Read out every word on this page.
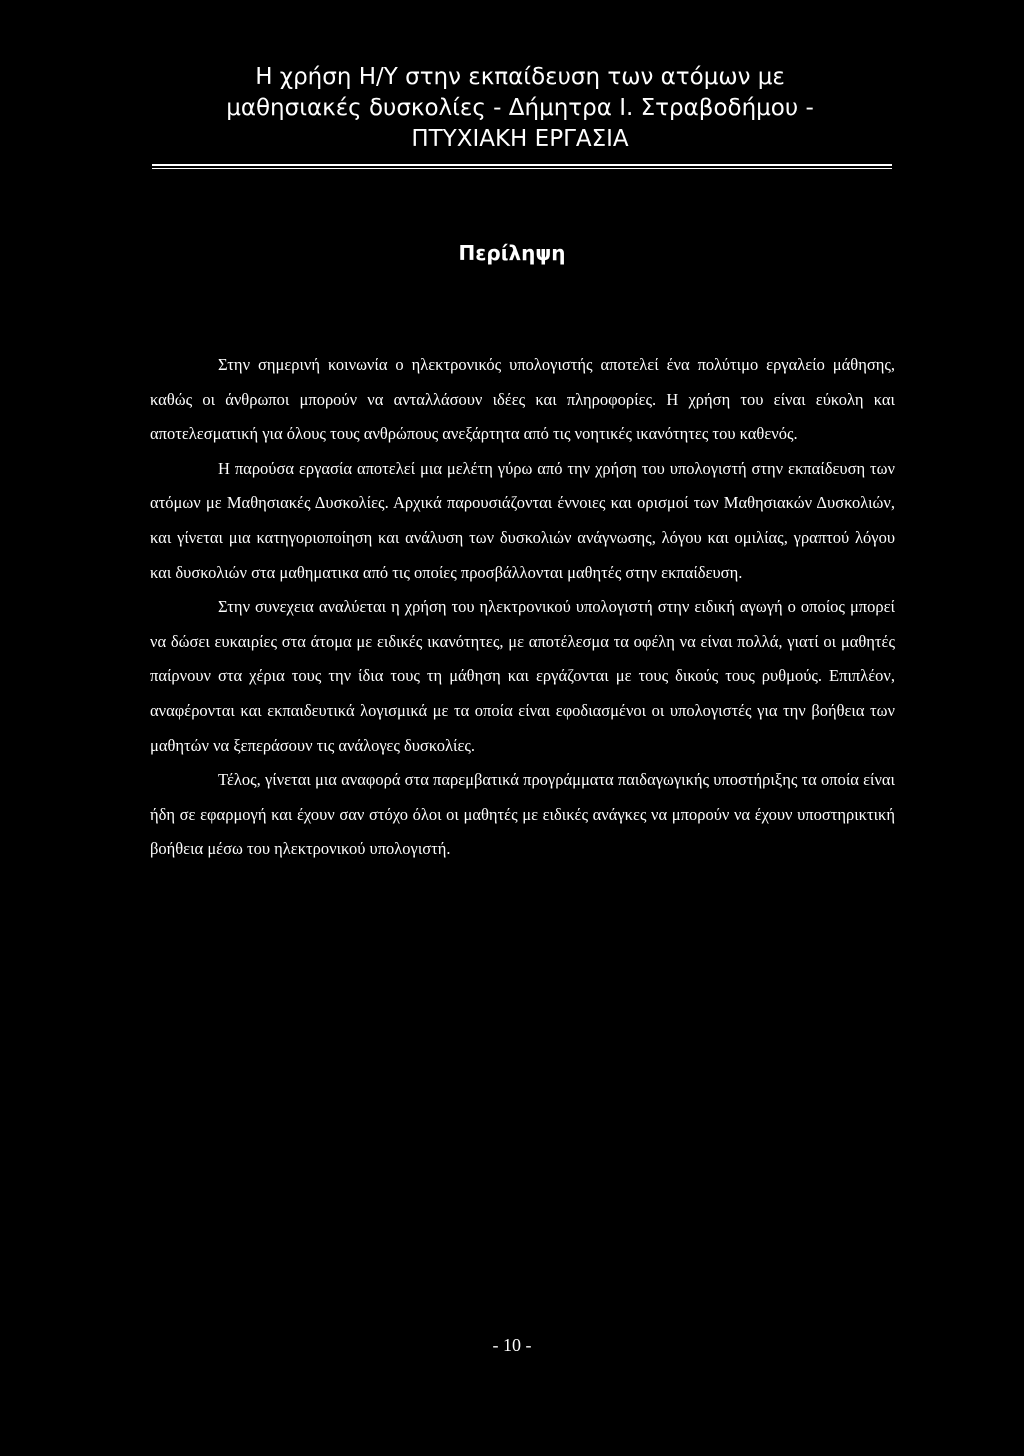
Η χρήση Η/Υ στην εκπαίδευση των ατόμων με
μαθησιακές δυσκολίες - Δήμητρα Ι. Στραβοδήμου -
ΠΤΥΧΙΑΚΗ ΕΡΓΑΣΙΑ
Περίληψη

Στην σημερινή κοινωνία ο ηλεκτρονικός υπολογιστής αποτελεί ένα πολύτιμο εργαλείο μάθησης, καθώς οι άνθρωποι μπορούν να ανταλλάσουν ιδέες και πληροφορίες. Η χρήση του είναι εύκολη και αποτελεσματική για όλους τους ανθρώπους ανεξάρτητα από τις νοητικές ικανότητες του καθενός.

Η παρούσα εργασία αποτελεί μια μελέτη γύρω από την χρήση του υπολογιστή στην εκπαίδευση των ατόμων με Μαθησιακές Δυσκολίες. Αρχικά παρουσιάζονται έννοιες και ορισμοί των Μαθησιακών Δυσκολιών, και γίνεται μια κατηγοριοποίηση και ανάλυση των δυσκολιών ανάγνωσης, λόγου και ομιλίας, γραπτού λόγου και δυσκολιών στα μαθηματικα από τις οποίες προσβάλλονται μαθητές στην εκπαίδευση.

Στην συνεχεια αναλύεται η χρήση του ηλεκτρονικού υπολογιστή στην ειδική αγωγή ο οποίος μπορεί να δώσει ευκαιρίες στα άτομα με ειδικές ικανότητες, με αποτέλεσμα τα οφέλη να είναι πολλά, γιατί οι μαθητές παίρνουν στα χέρια τους την ίδια τους τη μάθηση και εργάζονται με τους δικούς τους ρυθμούς. Επιπλέον, αναφέρονται και εκπαιδευτικά λογισμικά με τα οποία είναι εφοδιασμένοι οι υπολογιστές για την βοήθεια των μαθητών να ξεπεράσουν τις ανάλογες δυσκολίες.

Τέλος, γίνεται μια αναφορά στα παρεμβατικά προγράμματα παιδαγωγικής υποστήριξης τα οποία είναι ήδη σε εφαρμογή και έχουν σαν στόχο όλοι οι μαθητές με ειδικές ανάγκες να μπορούν να έχουν υποστηρικτική βοήθεια μέσω του ηλεκτρονικού υπολογιστή.

- 10 -
